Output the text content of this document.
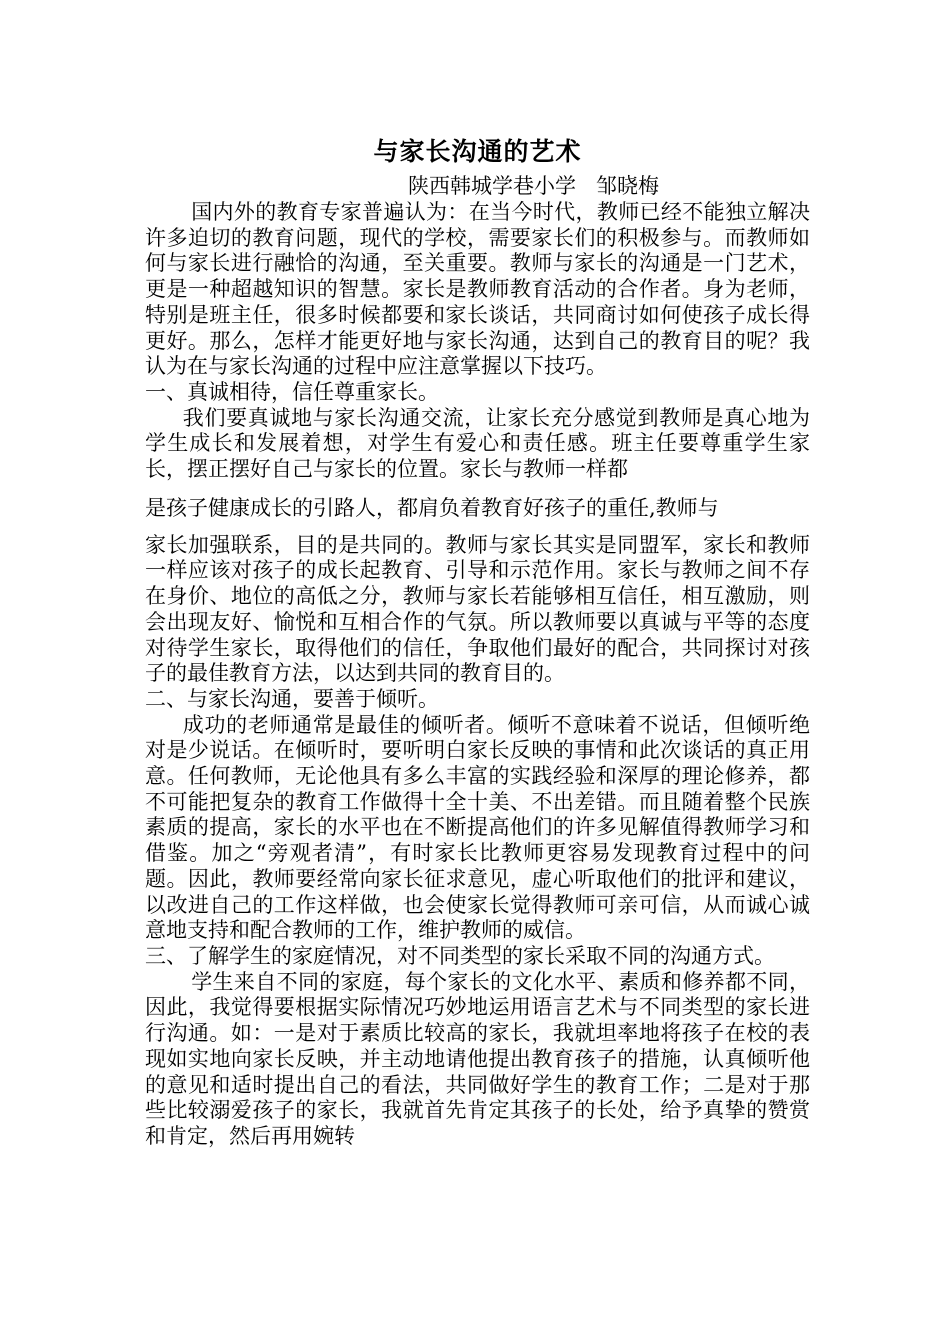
与家长沟通的艺术

陕西韩城学巷小学 邹晓梅

国内外的教育专家普遍认为：在当今时代，教师已经不能独立解决许多迫切的教育问题，现代的学校，需要家长们的积极参与。而教师如何与家长进行融恰的沟通，至关重要。教师与家长的沟通是一门艺术，更是一种超越知识的智慧。家长是教师教育活动的合作者。身为老师，特别是班主任，很多时候都要和家长谈话，共同商讨如何使孩子成长得更好。那么，怎样才能更好地与家长沟通，达到自己的教育目的呢？我认为在与家长沟通的过程中应注意掌握以下技巧。

一、真诚相待，信任尊重家长。

我们要真诚地与家长沟通交流，让家长充分感觉到教师是真心地为学生成长和发展着想，对学生有爱心和责任感。班主任要尊重学生家长，摆正摆好自己与家长的位置。家长与教师一样都

是孩子健康成长的引路人，都肩负着教育好孩子的重任,教师与

家长加强联系，目的是共同的。教师与家长其实是同盟军，家长和教师一样应该对孩子的成长起教育、引导和示范作用。家长与教师之间不存在身价、地位的高低之分，教师与家长若能够相互信任，相互激励，则会出现友好、愉悦和互相合作的气氛。所以教师要以真诚与平等的态度对待学生家长，取得他们的信任，争取他们最好的配合，共同探讨对孩子的最佳教育方法，以达到共同的教育目的。

二、与家长沟通，要善于倾听。

成功的老师通常是最佳的倾听者。倾听不意味着不说话，但倾听绝对是少说话。在倾听时，要听明白家长反映的事情和此次谈话的真正用意。任何教师，无论他具有多么丰富的实践经验和深厚的理论修养，都不可能把复杂的教育工作做得十全十美、不出差错。而且随着整个民族素质的提高，家长的水平也在不断提高他们的许多见解值得教师学习和借鉴。加之“旁观者清”，有时家长比教师更容易发现教育过程中的问题。因此，教师要经常向家长征求意见，虚心听取他们的批评和建议，以改进自己的工作这样做，也会使家长觉得教师可亲可信，从而诚心诚意地支持和配合教师的工作，维护教师的威信。

三、了解学生的家庭情况，对不同类型的家长采取不同的沟通方式。

学生来自不同的家庭，每个家长的文化水平、素质和修养都不同，因此，我觉得要根据实际情况巧妙地运用语言艺术与不同类型的家长进行沟通。如：一是对于素质比较高的家长，我就坦率地将孩子在校的表现如实地向家长反映，并主动地请他提出教育孩子的措施，认真倾听他的意见和适时提出自己的看法，共同做好学生的教育工作；二是对于那些比较溺爱孩子的家长，我就首先肯定其孩子的长处，给予真挚的赞赏和肯定，然后再用婉转
